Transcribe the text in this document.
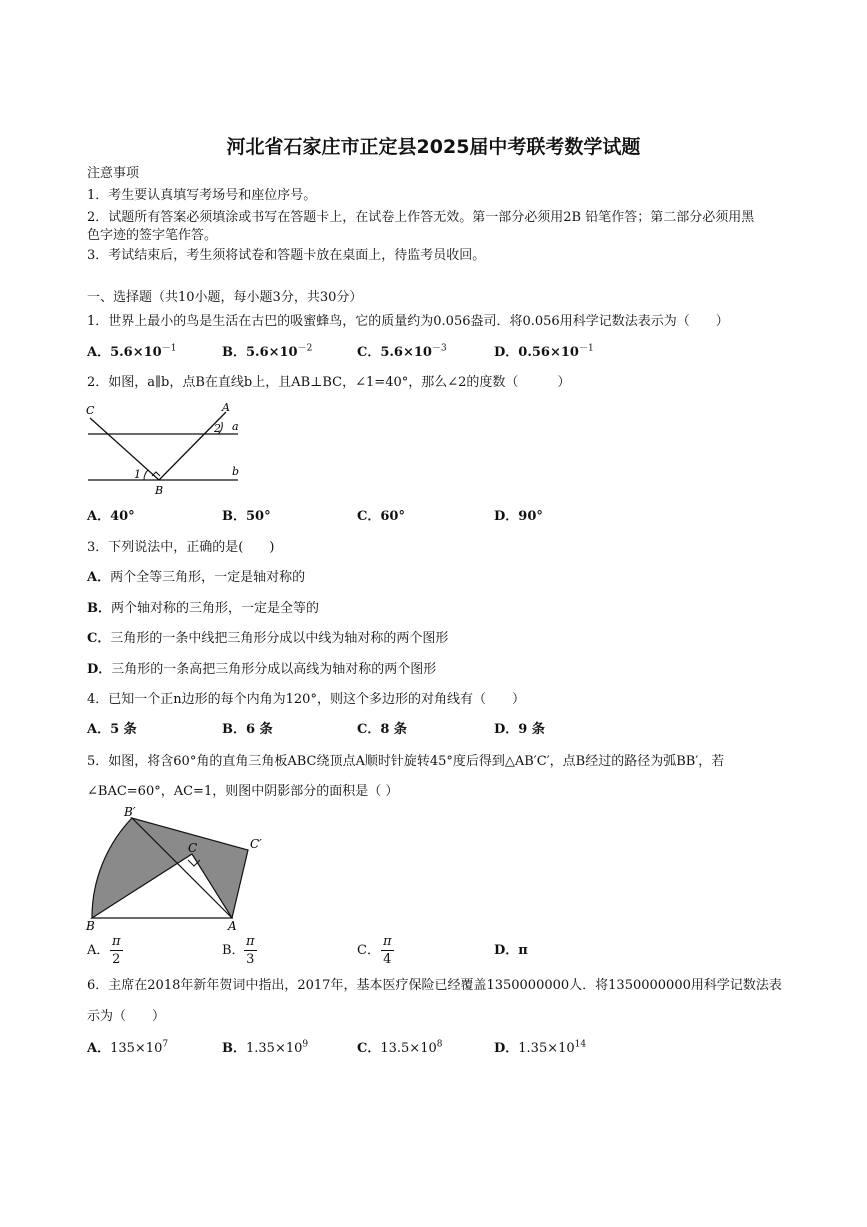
河北省石家庄市正定县2025届中考联考数学试题
注意事项
1．考生要认真填写考场号和座位序号。
2．试题所有答案必须填涂或书写在答题卡上，在试卷上作答无效。第一部分必须用2B 铅笔作答；第二部分必须用黑
色字迹的签字笔作答。
3．考试结束后，考生须将试卷和答题卡放在桌面上，待监考员收回。
一、选择题（共10小题，每小题3分，共30分）
1．世界上最小的鸟是生活在古巴的吸蜜蜂鸟，它的质量约为0.056盎司．将0.056用科学记数法表示为（　　）
A．$5.6\times 10^{-1}$	B．$5.6\times 10^{-2}$	C．$5.6\times 10^{-3}$	D．$0.56\times 10^{-1}$
2．如图，a∥b，点B在直线b上，且AB⊥BC，∠1=40°，那么∠2的度数（　　　）
C	A
2 a
1
B
b
A．40°	B．50°	C．60°	D．90°
3．下列说法中，正确的是(　　)
A．两个全等三角形，一定是轴对称的
B．两个轴对称的三角形，一定是全等的
C．三角形的一条中线把三角形分成以中线为轴对称的两个图形
D．三角形的一条高把三角形分成以高线为轴对称的两个图形
4．已知一个正n边形的每个内角为120°，则这个多边形的对角线有（　　）
A．5 条	B．6 条	C．8 条	D．9 条
5．如图，将含60°角的直角三角板ABC绕顶点A顺时针旋转45°度后得到△AB′C′，点B经过的路径为弧BB′，若
∠BAC=60°，AC=1，则图中阴影部分的面积是（ ）
B′
C′
C
B	A
A． $\frac{\pi}{2}$	B． $\frac{\pi}{3}$	C． $\frac{\pi}{4}$	D．π
6．主席在2018年新年贺词中指出，2017年，基本医疗保险已经覆盖1350000000人．将1350000000用科学记数法表
示为（　　）
A．$135\times 10^7$	B．$1.35\times 10^9$	C．$13.5\times 10^8$	D．$1.35\times 10^{14}$
